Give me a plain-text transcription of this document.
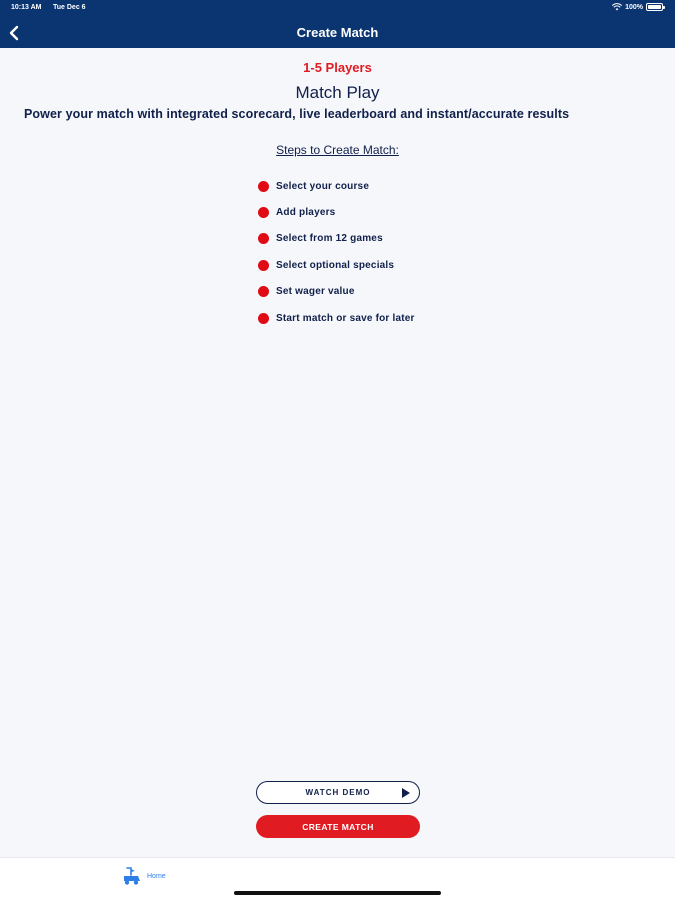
10:13 AM Tue Dec 6	100%
Create Match
1-5 Players
Match Play
Power your match with integrated scorecard, live leaderboard and instant/accurate results
Steps to Create Match:
Select your course
Add players
Select from 12 games
Select optional specials
Set wager value
Start match or save for later
WATCH DEMO
CREATE MATCH
Home
